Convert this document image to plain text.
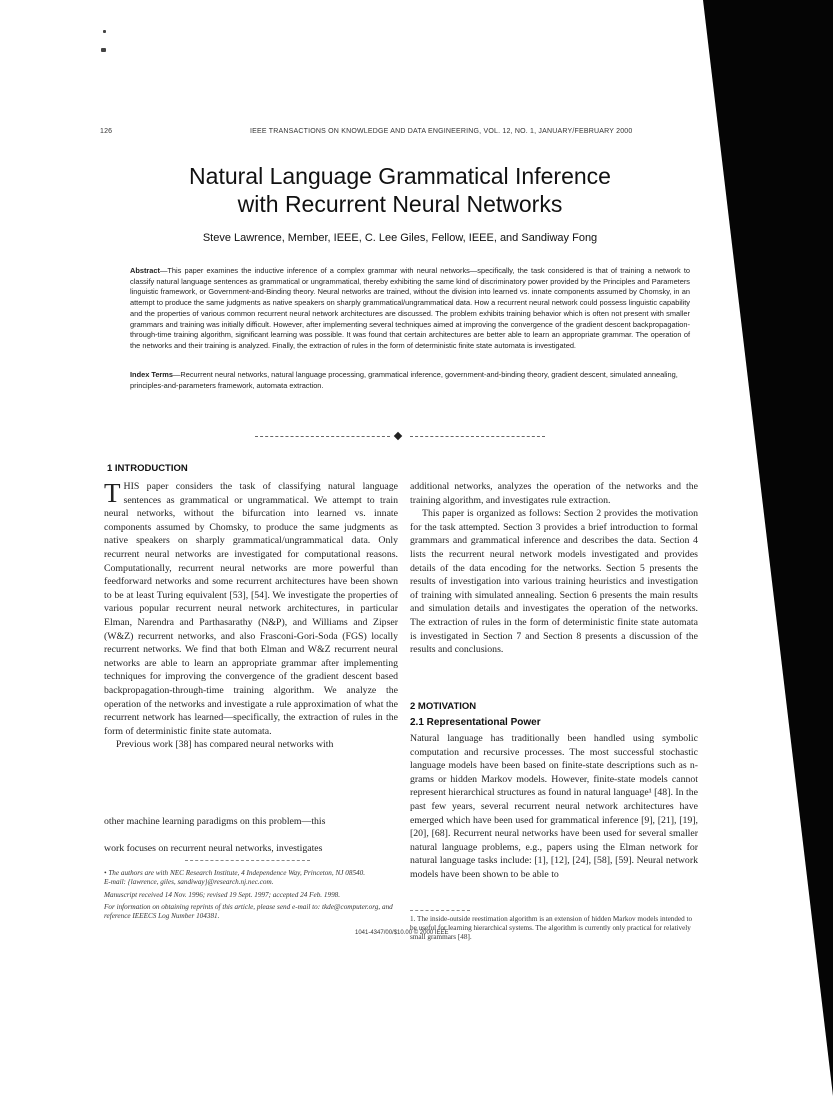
126	IEEE TRANSACTIONS ON KNOWLEDGE AND DATA ENGINEERING, VOL. 12, NO. 1, JANUARY/FEBRUARY 2000
Natural Language Grammatical Inference
with Recurrent Neural Networks
Steve Lawrence, Member, IEEE, C. Lee Giles, Fellow, IEEE, and Sandiway Fong
Abstract—This paper examines the inductive inference of a complex grammar with neural networks—specifically, the task considered is that of training a network to classify natural language sentences as grammatical or ungrammatical, thereby exhibiting the same kind of discriminatory power provided by the Principles and Parameters linguistic framework, or Government-and-Binding theory. Neural networks are trained, without the division into learned vs. innate components assumed by Chomsky, in an attempt to produce the same judgments as native speakers on sharply grammatical/ungrammatical data. How a recurrent neural network could possess linguistic capability and the properties of various common recurrent neural network architectures are discussed. The problem exhibits training behavior which is often not present with smaller grammars and training was initially difficult. However, after implementing several techniques aimed at improving the convergence of the gradient descent backpropagation-through-time training algorithm, significant learning was possible. It was found that certain architectures are better able to learn an appropriate grammar. The operation of the networks and their training is analyzed. Finally, the extraction of rules in the form of deterministic finite state automata is investigated.
Index Terms—Recurrent neural networks, natural language processing, grammatical inference, government-and-binding theory, gradient descent, simulated annealing, principles-and-parameters framework, automata extraction.
1 INTRODUCTION

THIS paper considers the task of classifying natural language sentences as grammatical or ungrammatical. We attempt to train neural networks, without the bifurcation into learned vs. innate components assumed by Chomsky, to produce the same judgments as native speakers on sharply grammatical/ungrammatical data. Only recurrent neural networks are investigated for computational reasons. Computationally, recurrent neural networks are more powerful than feedforward networks and some recurrent architectures have been shown to be at least Turing equivalent [53], [54]. We investigate the properties of various popular recurrent neural network architectures, in particular Elman, Narendra and Parthasarathy (N&P), and Williams and Zipser (W&Z) recurrent networks, and also Frasconi-Gori-Soda (FGS) locally recurrent networks. We find that both Elman and W&Z recurrent neural networks are able to learn an appropriate grammar after implementing techniques for improving the convergence of the gradient descent based backpropagation-through-time training algorithm. We analyze the operation of the networks and investigate a rule approximation of what the recurrent network has learned—specifically, the extraction of rules in the form of deterministic finite state automata.

Previous work [38] has compared neural networks with

other machine learning paradigms on this problem—this

work focuses on recurrent neural networks, investigates

• The authors are with NEC Research Institute, 4 Independence Way, Princeton, NJ 08540.
E-mail: {lawrence, giles, sandiway}@research.nj.nec.com.
Manuscript received 14 Nov. 1996; revised 19 Sept. 1997; accepted 24 Feb. 1998.
For information on obtaining reprints of this article, please send e-mail to: tkde@computer.org, and reference IEEECS Log Number 104381.

additional networks, analyzes the operation of the networks and the training algorithm, and investigates rule extraction.

This paper is organized as follows: Section 2 provides the motivation for the task attempted. Section 3 provides a brief introduction to formal grammars and grammatical inference and describes the data. Section 4 lists the recurrent neural network models investigated and provides details of the data encoding for the networks. Section 5 presents the results of investigation into various training heuristics and investigation of training with simulated annealing. Section 6 presents the main results and simulation details and investigates the operation of the networks. The extraction of rules in the form of deterministic finite state automata is investigated in Section 7 and Section 8 presents a discussion of the results and conclusions.

2 MOTIVATION
2.1 Representational Power

Natural language has traditionally been handled using symbolic computation and recursive processes. The most successful stochastic language models have been based on finite-state descriptions such as n-grams or hidden Markov models. However, finite-state models cannot represent hierarchical structures as found in natural language¹ [48]. In the past few years, several recurrent neural network architectures have emerged which have been used for grammatical inference [9], [21], [19], [20], [68]. Recurrent neural networks have been used for several smaller natural language problems, e.g., papers using the Elman network for natural language tasks include: [1], [12], [24], [58], [59]. Neural network models have been shown to be able to

1. The inside-outside reestimation algorithm is an extension of hidden Markov models intended to be useful for learning hierarchical systems. The algorithm is currently only practical for relatively small grammars [48].
1041-4347/00/$10.00 © 2000 IEEE
